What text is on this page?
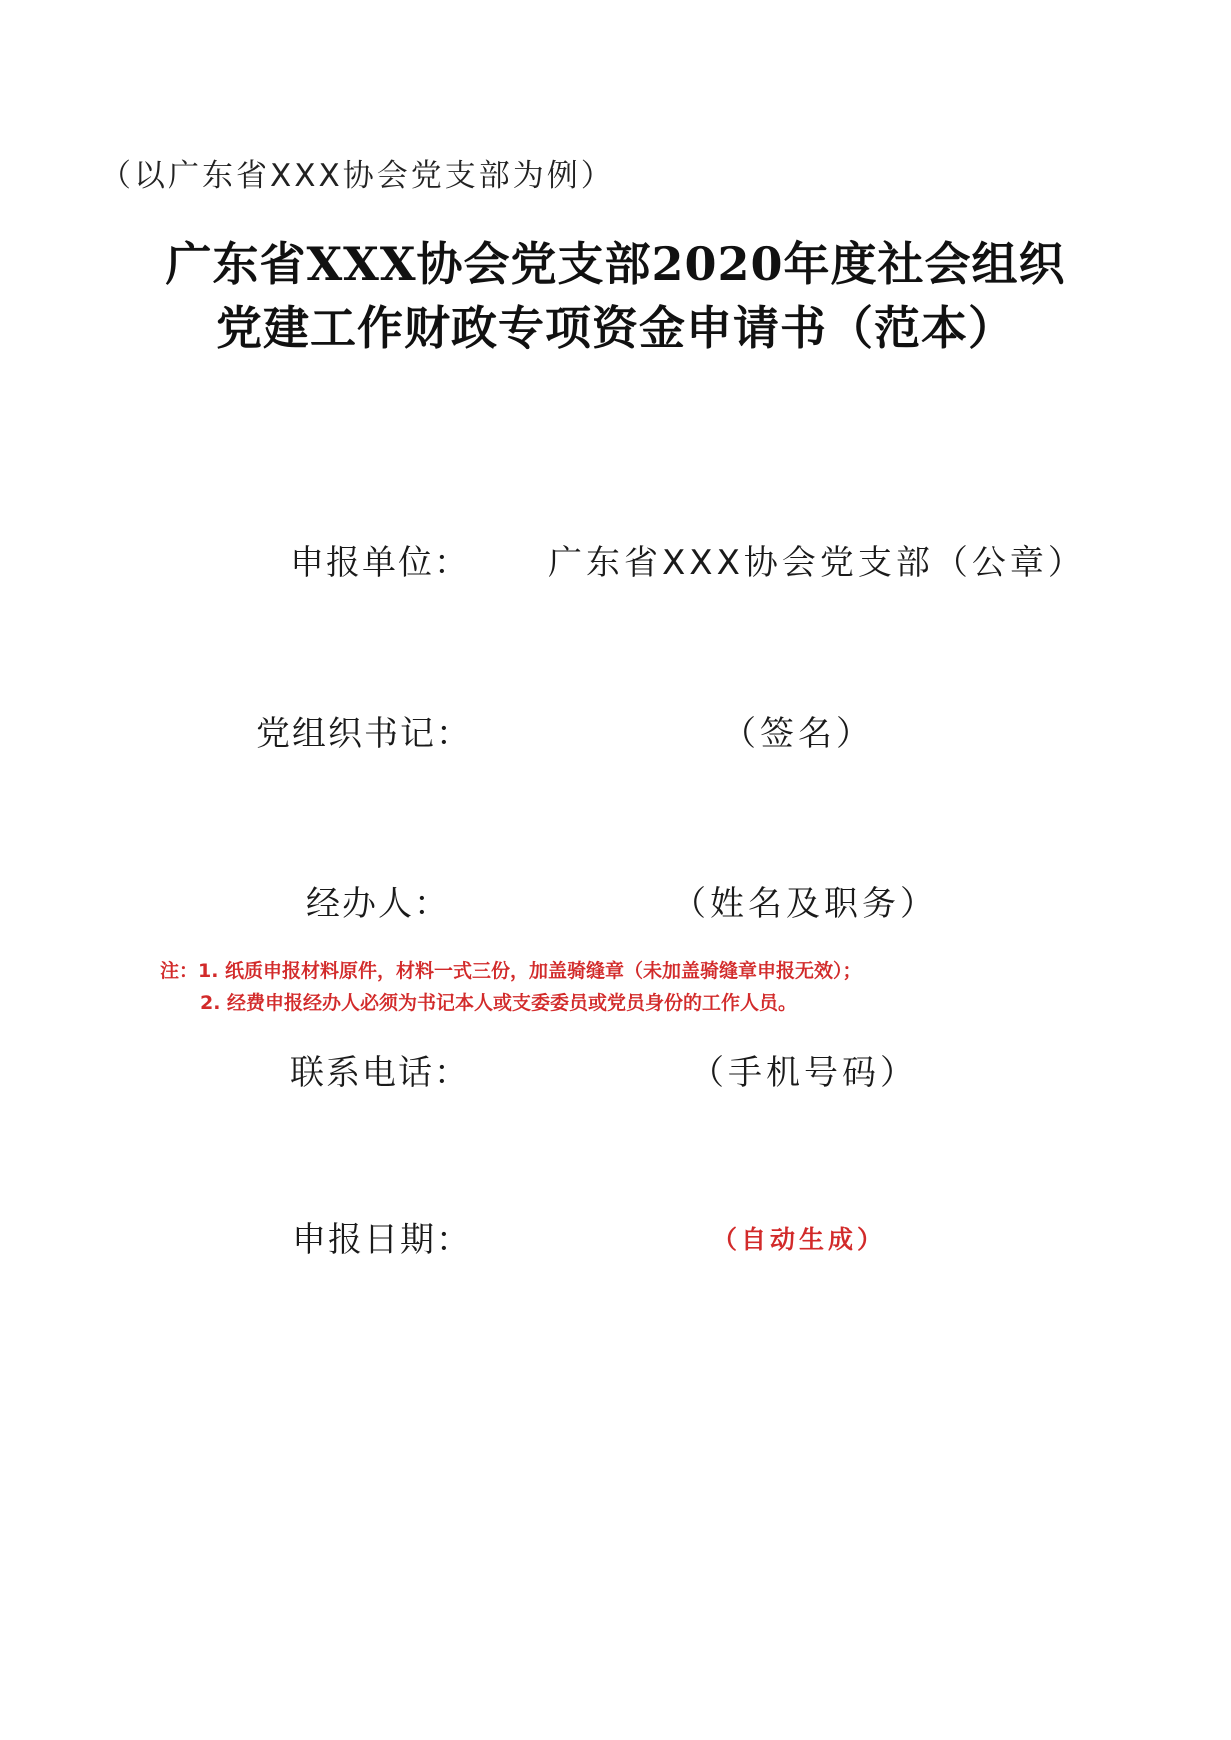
（以广东省XXX协会党支部为例）
广东省XXX协会党支部2020年度社会组织
党建工作财政专项资金申请书（范本）
申报单位： 广东省XXX协会党支部（公章）
党组织书记：	（签名）
经办人：	（姓名及职务）
注：1. 纸质申报材料原件，材料一式三份，加盖骑缝章（未加盖骑缝章申报无效）；
2. 经费申报经办人必须为书记本人或支委委员或党员身份的工作人员。
联系电话：	（手机号码）
申报日期：	（自动生成）
